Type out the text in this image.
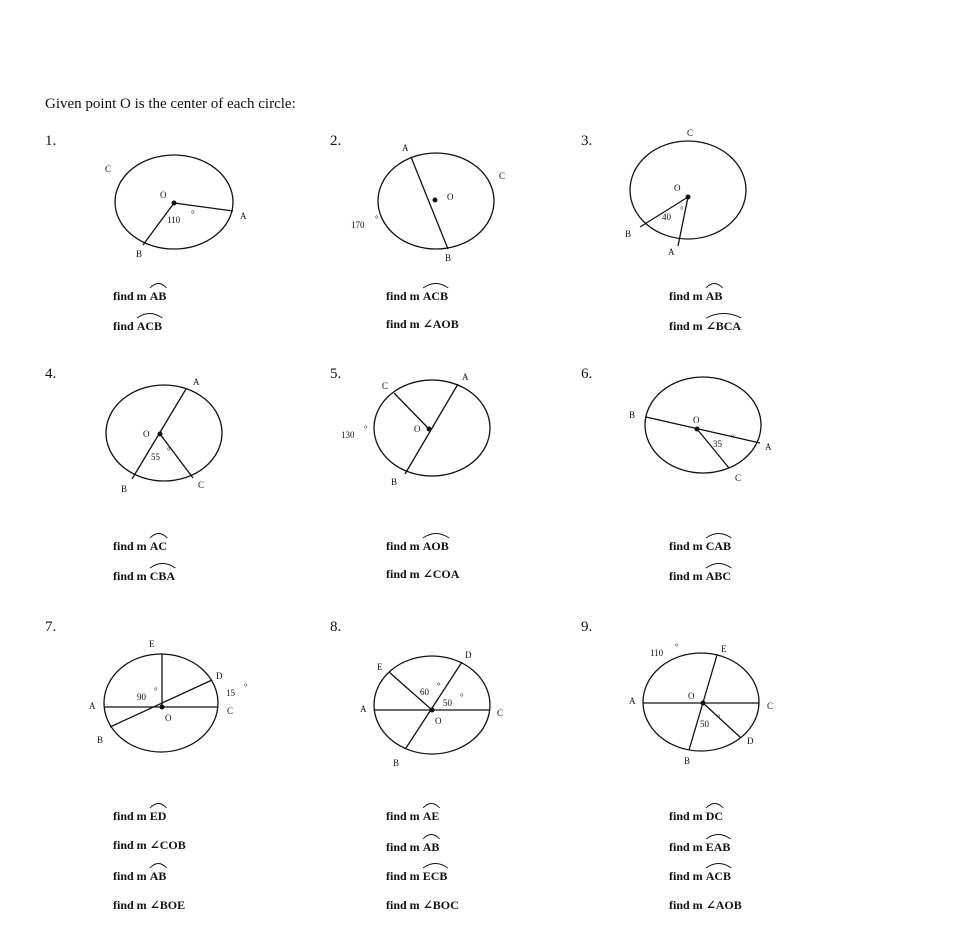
Given point O is the center of each circle:
1.	2.	3.
4.	5.	6.
7.	8.	9.
C
O
A
B
110
°
A
C
O
B
170
°
C
O
40
°
B
A
A
O
55
°
B	C
C
A
O
130
°
B
B	O
35
°
A
C
E
D
90
°	15
°
A	C
O
B
E
D
60
°
50
°
A	C
O
B
110
°	E
O
A	C
50
°
D
B
find m AB
find ACB
find m ACB
find m ∠AOB
find m AB
find m ∠BCA
find m AC
find m CBA
find m AOB
find m ∠COA
find m CAB
find m ABC
find m ED
find m ∠COB
find m AB
find m ∠BOE
find m AE
find m AB
find m ECB
find m ∠BOC
find m DC
find m EAB
find m ACB
find m ∠AOB
